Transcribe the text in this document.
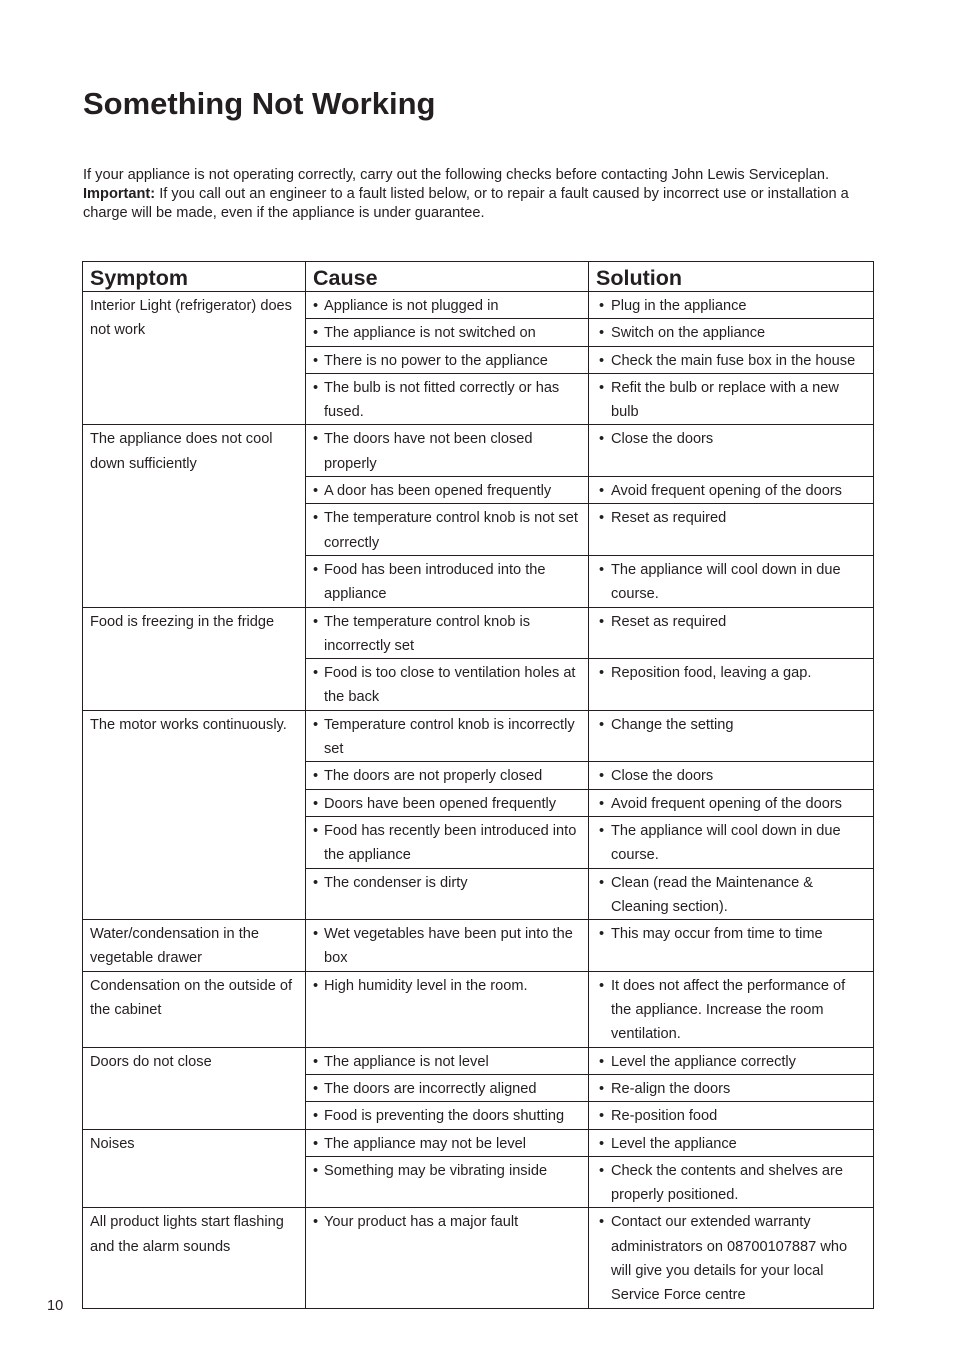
Something Not Working

If your appliance is not operating correctly, carry out the following checks before contacting John Lewis Serviceplan.

Important: If you call out an engineer to a fault listed below, or to repair a fault caused by incorrect use or installation a charge will be made, even if the appliance is under guarantee.

Symptom	Cause	Solution
Interior Light (refrigerator) does not work	• Appliance is not plugged in	• Plug in the appliance

	• The appliance is not switched on	• Switch on the appliance

	• There is no power to the appliance	• Check the main fuse box in the house

	• The bulb is not fitted correctly or has fused.	• Refit the bulb or replace with a new bulb

The appliance does not cool down sufficiently	• The doors have not been closed properly	• Close the doors

	• A door has been opened frequently	• Avoid frequent opening of the doors

	• The temperature control knob is not set correctly	• Reset as required

	• Food has been introduced into the appliance	• The appliance will cool down in due course.

Food is freezing in the fridge	• The temperature control knob is incorrectly set	• Reset as required

	• Food is too close to ventilation holes at the back	• Reposition food, leaving a gap.

The motor works continuously.	• Temperature control knob is incorrectly set	• Change the setting

	• The doors are not properly closed	• Close the doors

	• Doors have been opened frequently	• Avoid frequent opening of the doors

	• Food has recently been introduced into the appliance	• The appliance will cool down in due course.

	• The condenser is dirty	• Clean (read the Maintenance & Cleaning section).

Water/condensation in the vegetable drawer	• Wet vegetables have been put into the box	• This may occur from time to time

Condensation on the outside of the cabinet	• High humidity level in the room.	• It does not affect the performance of the appliance. Increase the room ventilation.

Doors do not close	• The appliance is not level	• Level the appliance correctly

	• The doors are incorrectly aligned	• Re-align the doors

	• Food is preventing the doors shutting	• Re-position food

Noises	• The appliance may not be level	• Level the appliance

	• Something may be vibrating inside	• Check the contents and shelves are properly positioned.

All product lights start flashing and the alarm sounds	• Your product has a major fault	• Contact our extended warranty administrators on 08700107887 who will give you details for your local Service Force centre
10
